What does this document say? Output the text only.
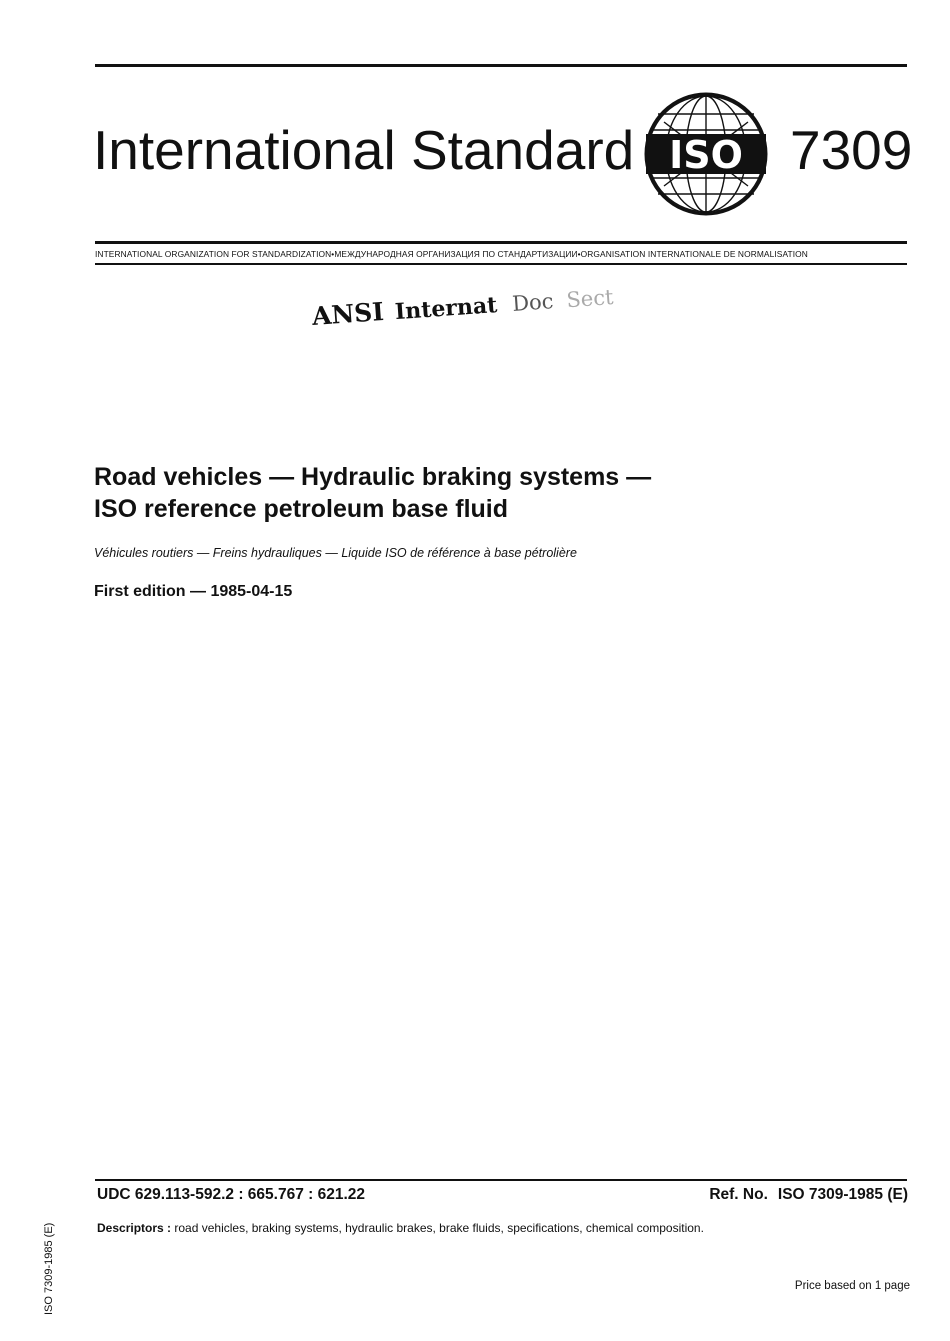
International Standard ISO 7309
INTERNATIONAL ORGANIZATION FOR STANDARDIZATION•МЕЖДУНАРОДНАЯ ОРГАНИЗАЦИЯ ПО СТАНДАРТИЗАЦИИ•ORGANISATION INTERNATIONALE DE NORMALISATION
ANSI Internat Doc Sect
Road vehicles — Hydraulic braking systems —
ISO reference petroleum base fluid
Véhicules routiers — Freins hydrauliques — Liquide ISO de référence à base pétrolière
First edition — 1985-04-15
UDC 629.113-592.2 : 665.767 : 621.22	Ref. No. ISO 7309-1985 (E)
Descriptors : road vehicles, braking systems, hydraulic brakes, brake fluids, specifications, chemical composition.
Price based on 1 page
ISO 7309-1985 (E)
